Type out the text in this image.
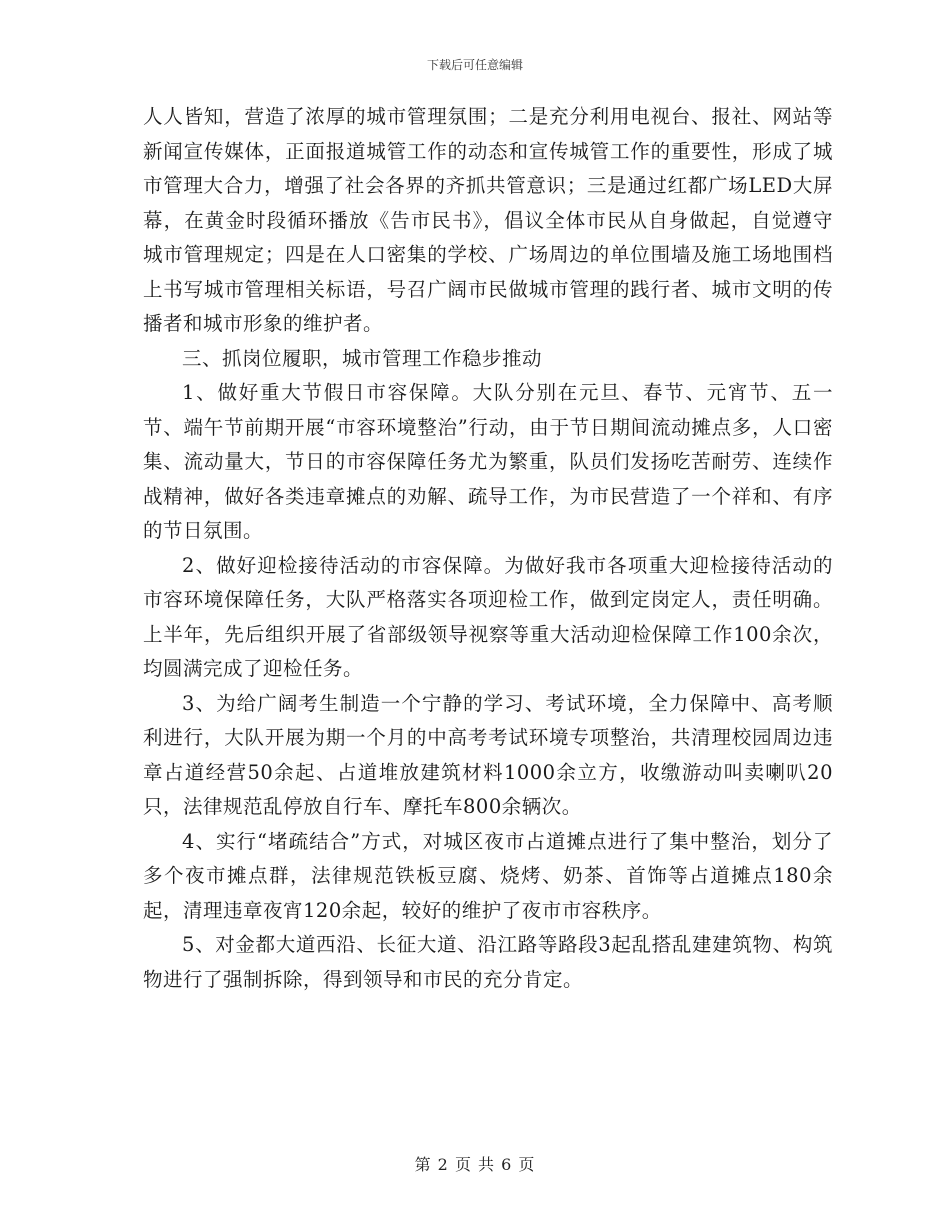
下载后可任意编辑

人人皆知，营造了浓厚的城市管理氛围；二是充分利用电视台、报社、网站等新闻宣传媒体，正面报道城管工作的动态和宣传城管工作的重要性，形成了城市管理大合力，增强了社会各界的齐抓共管意识；三是通过红都广场LED大屏幕，在黄金时段循环播放《告市民书》，倡议全体市民从自身做起，自觉遵守城市管理规定；四是在人口密集的学校、广场周边的单位围墙及施工场地围档上书写城市管理相关标语，号召广阔市民做城市管理的践行者、城市文明的传播者和城市形象的维护者。

三、抓岗位履职，城市管理工作稳步推动

1、做好重大节假日市容保障。大队分别在元旦、春节、元宵节、五一节、端午节前期开展“市容环境整治”行动，由于节日期间流动摊点多，人口密集、流动量大，节日的市容保障任务尤为繁重，队员们发扬吃苦耐劳、连续作战精神，做好各类违章摊点的劝解、疏导工作，为市民营造了一个祥和、有序的节日氛围。

2、做好迎检接待活动的市容保障。为做好我市各项重大迎检接待活动的市容环境保障任务，大队严格落实各项迎检工作，做到定岗定人，责任明确。上半年，先后组织开展了省部级领导视察等重大活动迎检保障工作100余次，均圆满完成了迎检任务。

3、为给广阔考生制造一个宁静的学习、考试环境，全力保障中、高考顺利进行，大队开展为期一个月的中高考考试环境专项整治，共清理校园周边违章占道经营50余起、占道堆放建筑材料1000余立方，收缴游动叫卖喇叭20只，法律规范乱停放自行车、摩托车800余辆次。

4、实行“堵疏结合”方式，对城区夜市占道摊点进行了集中整治，划分了多个夜市摊点群，法律规范铁板豆腐、烧烤、奶茶、首饰等占道摊点180余起，清理违章夜宵120余起，较好的维护了夜市市容秩序。

5、对金都大道西沿、长征大道、沿江路等路段3起乱搭乱建建筑物、构筑物进行了强制拆除，得到领导和市民的充分肯定。

第 2 页 共 6 页
